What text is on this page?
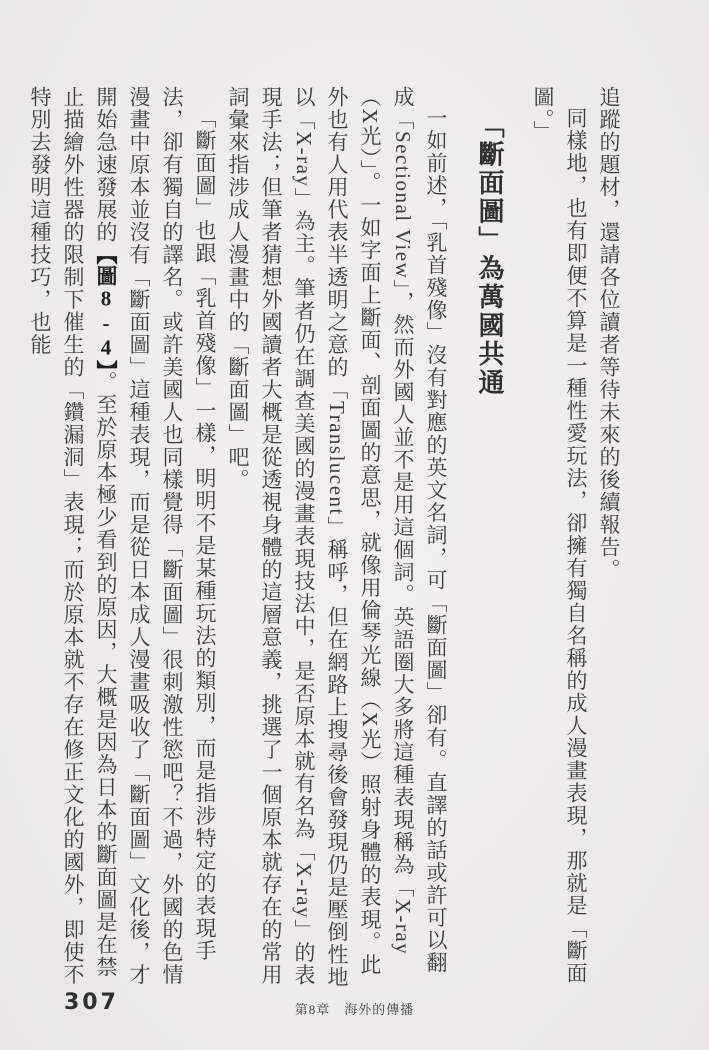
追蹤的題材，還請各位讀者等待未來的後續報告。

同樣地，也有即便不算是一種性愛玩法，卻擁有獨自名稱的成人漫畫表現，那就是「斷面圖。」

「斷面圖」為萬國共通

一如前述，「乳首殘像」沒有對應的英文名詞，可「斷面圖」卻有。直譯的話或許可以翻成「Sectional View」，然而外國人並不是用這個詞。英語圈大多將這種表現稱為「X-ray（X光）」。一如字面上斷面、剖面圖的意思，就像用倫琴光線（X光）照射身體的表現。此外也有人用代表半透明之意的「Translucent」稱呼，但在網路上搜尋後會發現仍是壓倒性地以「X-ray」為主。筆者仍在調查美國的漫畫表現技法中，是否原本就有名為「X-ray」的表現手法；但筆者猜想外國讀者大概是從透視身體的這層意義，挑選了一個原本就存在的常用詞彙來指涉成人漫畫中的「斷面圖」吧。

「斷面圖」也跟「乳首殘像」一樣，明明不是某種玩法的類別，而是指涉特定的表現手法，卻有獨自的譯名。或許美國人也同樣覺得「斷面圖」很刺激性慾吧？不過，外國的色情漫畫中原本並沒有「斷面圖」這種表現，而是從日本成人漫畫吸收了「斷面圖」文化後，才開始急速發展的【圖8-4】。至於原本極少看到的原因，大概是因為日本的斷面圖是在禁止描繪外性器的限制下催生的「鑽漏洞」表現；而於原本就不存在修正文化的國外，即使不特別去發明這種技巧，也能

307	第8章　海外的傳播
